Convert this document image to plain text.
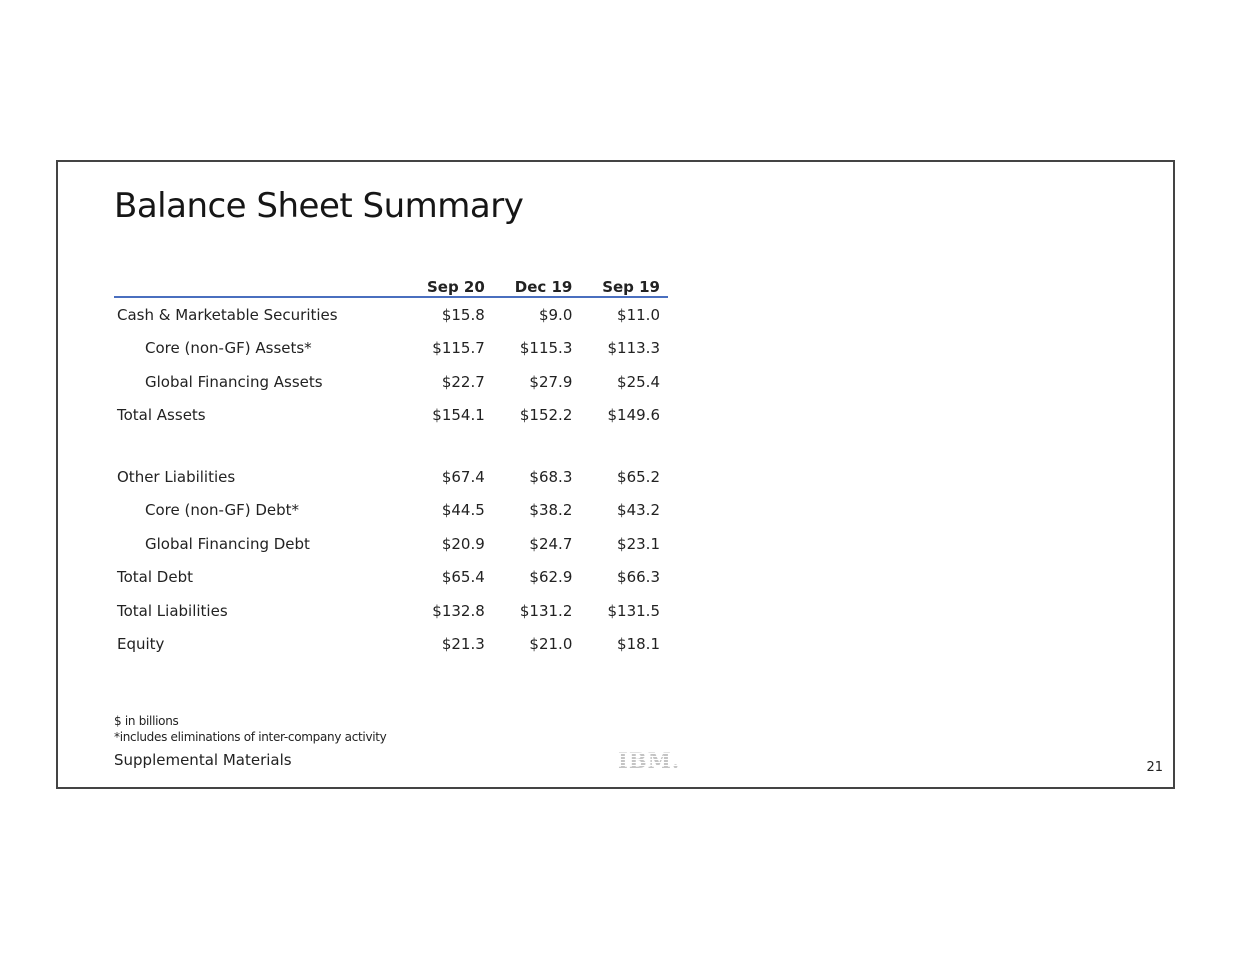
Balance Sheet Summary
	Sep 20	Dec 19	Sep 19
Cash & Marketable Securities	$15.8	$9.0	$11.0
Core (non-GF) Assets*	$115.7	$115.3	$113.3
Global Financing Assets	$22.7	$27.9	$25.4
Total Assets	$154.1	$152.2	$149.6

Other Liabilities	$67.4	$68.3	$65.2
Core (non-GF) Debt*	$44.5	$38.2	$43.2
Global Financing Debt	$20.9	$24.7	$23.1
Total Debt	$65.4	$62.9	$66.3
Total Liabilities	$132.8	$131.2	$131.5
Equity	$21.3	$21.0	$18.1
$ in billions
*includes eliminations of inter-company activity
Supplemental Materials	IBM.	21
